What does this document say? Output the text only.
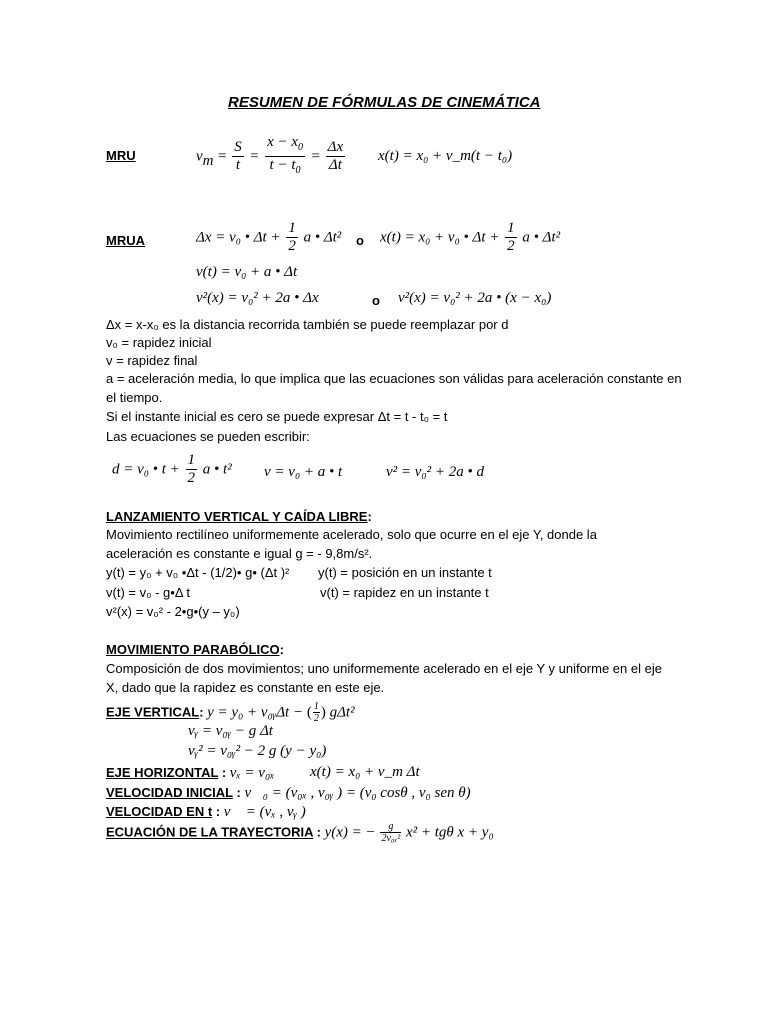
RESUMEN DE FÓRMULAS DE CINEMÁTICA
MRU	$v_m = \frac{S}{t} = \frac{x - x_0}{t - t_0} = \frac{\Delta x}{\Delta t} x(t) = x_0$ + v_m(t − t₀)
MRUA	Δx = v₀ • $\Delta t + \frac{1}{2}$ a • Δt² o x(t) = x₀ + v₀ • $\Delta t + \frac{1}{2}$ a • Δt²
v(t) = v₀ + a • Δt
v²(x) = v₀² + 2a • Δx	o v²(x) = v₀² + 2a • (x − x₀)
Δx = x-x₀ es la distancia recorrida también se puede reemplazar por d
v₀ = rapidez inicial
v = rapidez final
a = aceleración media, lo que implica que las ecuaciones son válidas para aceleración constante en
el tiempo.
Si el instante inicial es cero se puede expresar Δt = t - t₀ = t
Las ecuaciones se pueden escribir:
d = v₀ • $t + \frac{1}{2}$ a • t² v = v₀ + a • t	v² = v₀² + 2a • d
LANZAMIENTO VERTICAL Y CAÍDA LIBRE:
Movimiento rectilíneo uniformemente acelerado, solo que ocurre en el eje Y, donde la
aceleración es constante e igual g = - 9,8m/s².
y(t) = y₀ + v₀ •Δt - (1/2)• g• (Δt )² y(t) = posición en un instante t
v(t) = v₀ - g•Δ t	v(t) = rapidez en un instante t
v²(x) = v₀² - 2•g•(y – y₀)
MOVIMIENTO PARABÓLICO:
Composición de dos movimientos; uno uniformemente acelerado en el eje Y y uniforme en el eje
X, dado que la rapidez es constante en este eje.
EJE VERTICAL: y = y₀ + v₀ᵧΔt − ( $\frac{1}{2}$ ) gΔt²
vᵧ = v₀ᵧ − g Δt
vᵧ² = v₀ᵧ² − 2 g (y − y₀)
EJE HORIZONTAL : vₓ = v₀ₓ x(t) = x₀ + v_m Δt
VELOCIDAD INICIAL : v⃗₀ = (v₀ₓ , v₀ᵧ ) = (v₀ cosθ , v₀ sen θ)
VELOCIDAD EN t : v⃗ = (vₓ , vᵧ )
ECUACIÓN DE LA TRAYECTORIA : y(x) = − $\frac{g}{\text{2v₀ₓ²}} x^2 + tg\theta$ x + y₀
